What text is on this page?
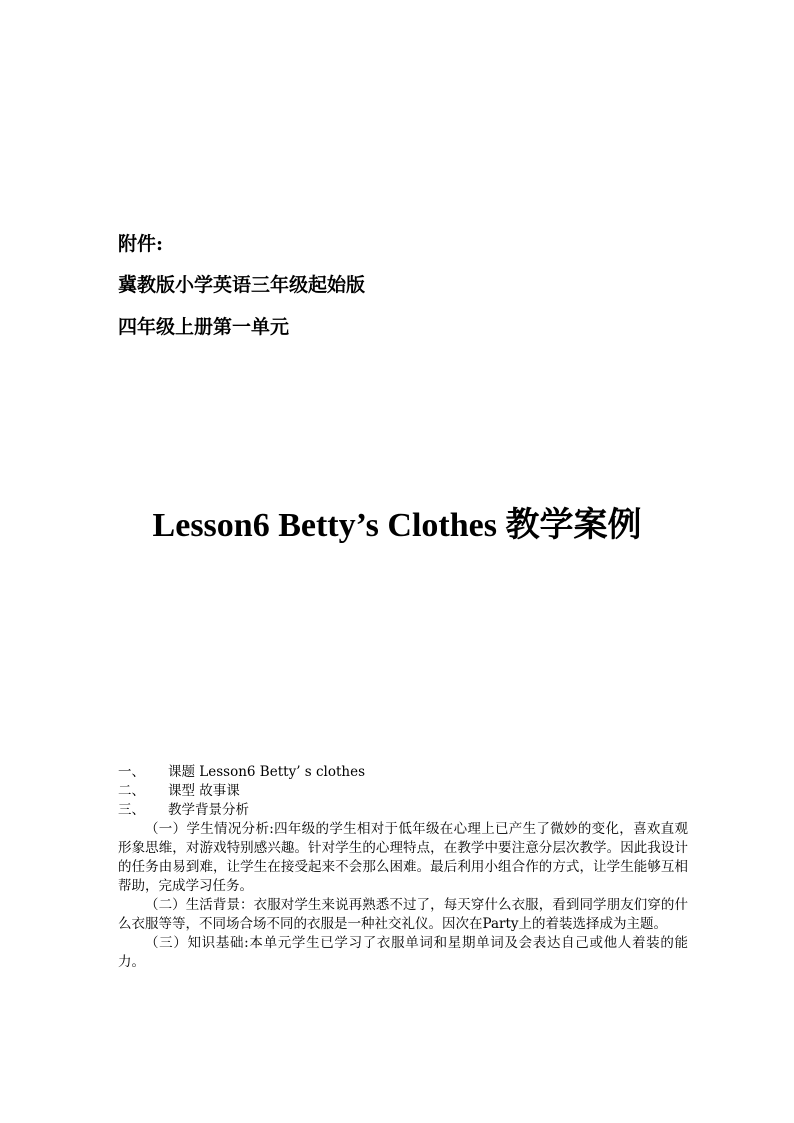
附件:
冀教版小学英语三年级起始版
四年级上册第一单元
Lesson6 Betty’s Clothes 教学案例
一、	课题 Lesson6 Betty’ s clothes
二、	课型 故事课
三、	教学背景分析

（一）学生情况分析:四年级的学生相对于低年级在心理上已产生了微妙的变化，喜欢直观形象思维，对游戏特别感兴趣。针对学生的心理特点，在教学中要注意分层次教学。因此我设计的任务由易到难，让学生在接受起来不会那么困难。最后利用小组合作的方式，让学生能够互相帮助，完成学习任务。

（二）生活背景：衣服对学生来说再熟悉不过了，每天穿什么衣服，看到同学朋友们穿的什么衣服等等，不同场合场不同的衣服是一种社交礼仪。因次在Party上的着装选择成为主题。

（三）知识基础:本单元学生已学习了衣服单词和星期单词及会表达自己或他人着装的能力。
